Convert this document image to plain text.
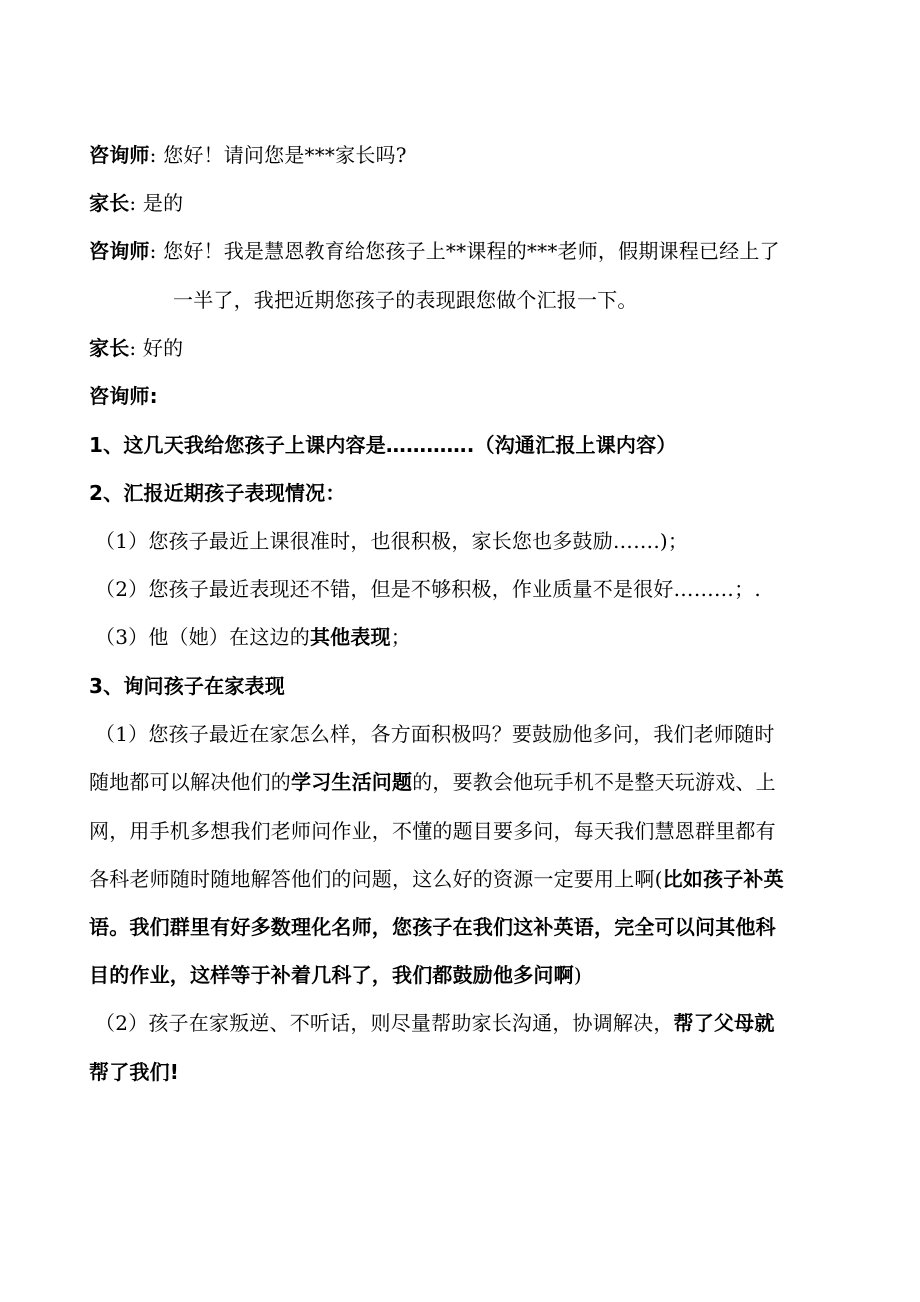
咨询师: 您好！请问您是***家长吗?
家长: 是的
咨询师: 您好！我是慧恩教育给您孩子上**课程的***老师，假期课程已经上了
一半了，我把近期您孩子的表现跟您做个汇报一下。
家长: 好的
咨询师:
1、这几天我给您孩子上课内容是………….（沟通汇报上课内容）
2、汇报近期孩子表现情况：
（1）您孩子最近上课很准时，也很积极，家长您也多鼓励…….)；
（2）您孩子最近表现还不错，但是不够积极，作业质量不是很好………；.
（3）他（她）在这边的其他表现；
3、询问孩子在家表现
（1）您孩子最近在家怎么样，各方面积极吗？要鼓励他多问，我们老师随时
随地都可以解决他们的学习生活问题的，要教会他玩手机不是整天玩游戏、上
网，用手机多想我们老师问作业，不懂的题目要多问，每天我们慧恩群里都有
各科老师随时随地解答他们的问题，这么好的资源一定要用上啊(比如孩子补英
语。我们群里有好多数理化名师，您孩子在我们这补英语，完全可以问其他科
目的作业，这样等于补着几科了，我们都鼓励他多问啊)
（2）孩子在家叛逆、不听话，则尽量帮助家长沟通，协调解决，帮了父母就
帮了我们!
